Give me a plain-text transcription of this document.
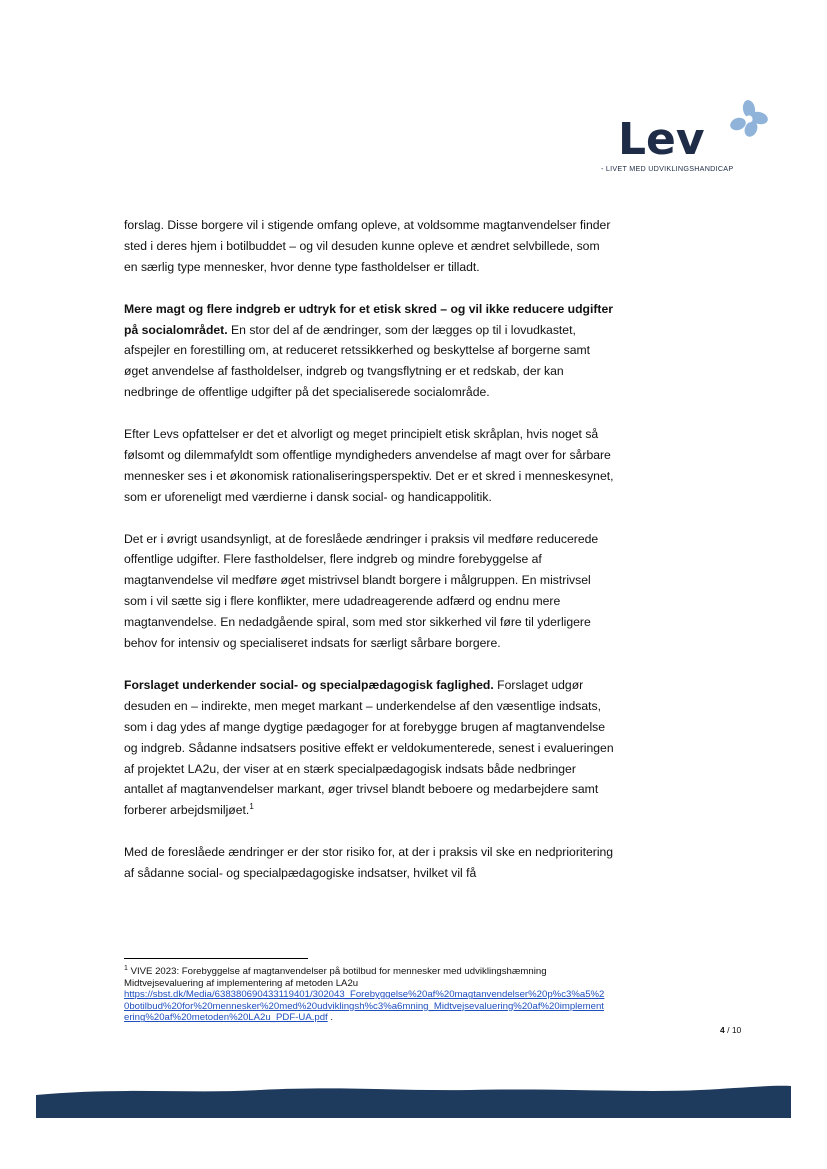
Lev
- LIVET MED UDVIKLINGSHANDICAP

forslag. Disse borgere vil i stigende omfang opleve, at voldsomme magtanvendelser finder sted i deres hjem i botilbuddet – og vil desuden kunne opleve et ændret selvbillede, som en særlig type mennesker, hvor denne type fastholdelser er tilladt.

Mere magt og flere indgreb er udtryk for et etisk skred – og vil ikke reducere udgifter på socialområdet. En stor del af de ændringer, som der lægges op til i lovudkastet, afspejler en forestilling om, at reduceret retssikkerhed og beskyttelse af borgerne samt øget anvendelse af fastholdelser, indgreb og tvangsflytning er et redskab, der kan nedbringe de offentlige udgifter på det specialiserede socialområde.

Efter Levs opfattelser er det et alvorligt og meget principielt etisk skråplan, hvis noget så følsomt og dilemmafyldt som offentlige myndigheders anvendelse af magt over for sårbare mennesker ses i et økonomisk rationaliseringsperspektiv. Det er et skred i menneskesynet, som er uforeneligt med værdierne i dansk social- og handicappolitik.

Det er i øvrigt usandsynligt, at de foreslåede ændringer i praksis vil medføre reducerede offentlige udgifter. Flere fastholdelser, flere indgreb og mindre forebyggelse af magtanvendelse vil medføre øget mistrivsel blandt borgere i målgruppen. En mistrivsel som i vil sætte sig i flere konflikter, mere udadreagerende adfærd og endnu mere magtanvendelse. En nedadgående spiral, som med stor sikkerhed vil føre til yderligere behov for intensiv og specialiseret indsats for særligt sårbare borgere.

Forslaget underkender social- og specialpædagogisk faglighed. Forslaget udgør desuden en – indirekte, men meget markant – underkendelse af den væsentlige indsats, som i dag ydes af mange dygtige pædagoger for at forebygge brugen af magtanvendelse og indgreb. Sådanne indsatsers positive effekt er veldokumenterede, senest i evalueringen af projektet LA2u, der viser at en stærk specialpædagogisk indsats både nedbringer antallet af magtanvendelser markant, øger trivsel blandt beboere og medarbejdere samt forberer arbejdsmiljøet.$^1$

Med de foreslåede ændringer er der stor risiko for, at der i praksis vil ske en nedprioritering af sådanne social- og specialpædagogiske indsatser, hvilket vil få

$^1$ VIVE 2023: Forebyggelse af magtanvendelser på botilbud for mennesker med udviklingshæmning Midtvejsevaluering af implementering af metoden LA2u
https://sbst.dk/Media/638380690433119401/302043_Forebyggelse%20af%20magtanvendelser%20p%c3%a5%20botilbud%20for%20mennesker%20med%20udviklingsh%c3%a6mning_Midtvejsevaluering%20af%20implementering%20af%20metoden%20LA2u_PDF-UA.pdf .
4 / 10
